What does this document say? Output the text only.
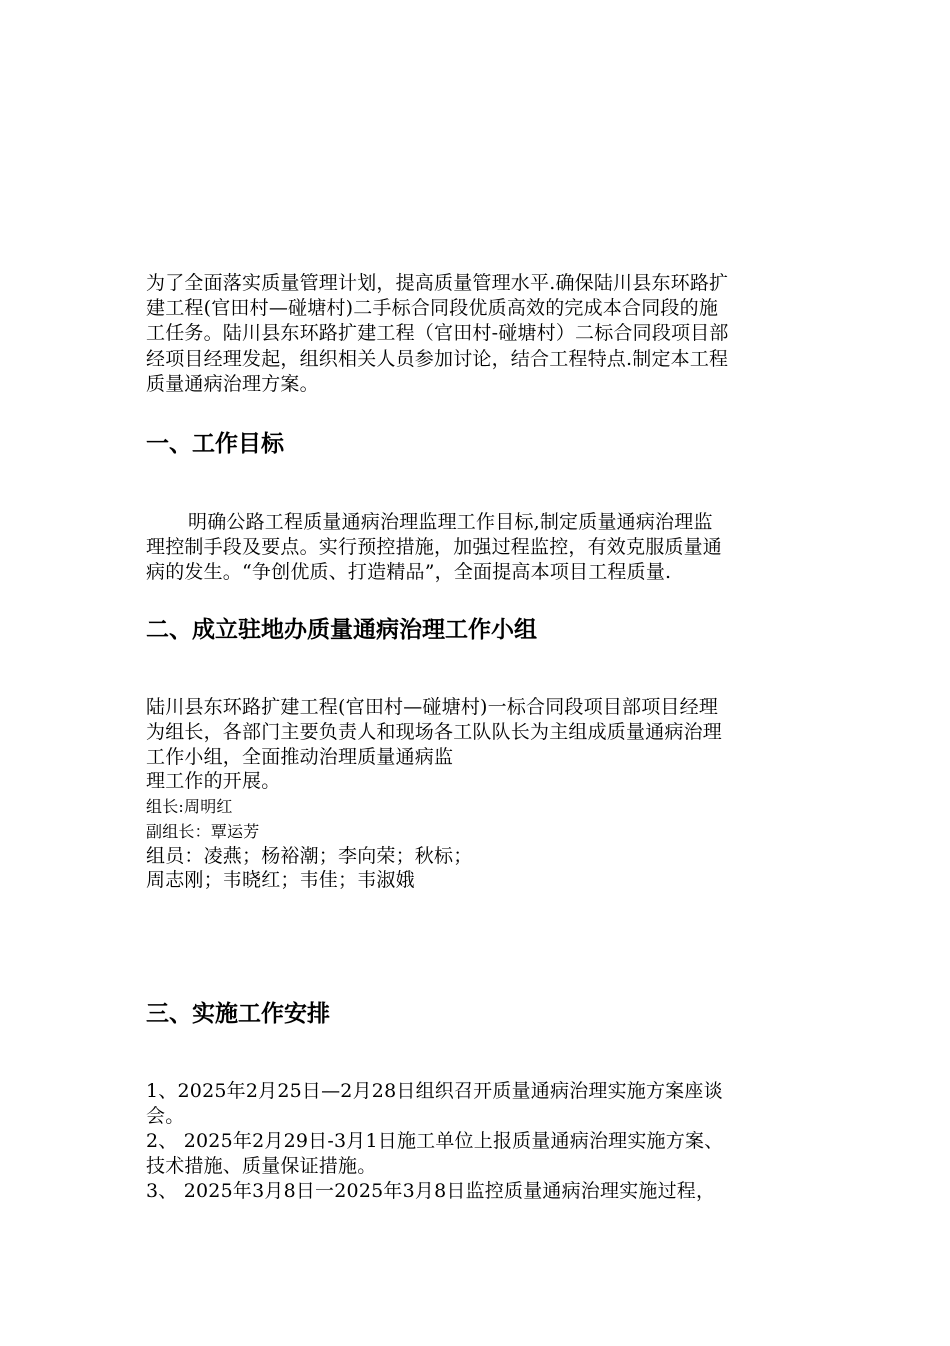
为了全面落实质量管理计划，提高质量管理水平.确保陆川县东环路扩
建工程(官田村—碰塘村)二手标合同段优质高效的完成本合同段的施
工任务。陆川县东环路扩建工程（官田村-碰塘村）二标合同段项目部
经项目经理发起，组织相关人员参加讨论，结合工程特点.制定本工程
质量通病治理方案。
一、工作目标
明确公路工程质量通病治理监理工作目标,制定质量通病治理监
理控制手段及要点。实行预控措施，加强过程监控，有效克服质量通
病的发生。“争创优质、打造精品”，全面提高本项目工程质量.
二、成立驻地办质量通病治理工作小组
陆川县东环路扩建工程(官田村—碰塘村)一标合同段项目部项目经理
为组长，各部门主要负责人和现场各工队队长为主组成质量通病治理
工作小组，全面推动治理质量通病监
理工作的开展。
组长:周明红
副组长：覃运芳
组员：凌燕；杨裕潮；李向荣；秋标；
周志刚；韦晓红；韦佳；韦淑娥
三、实施工作安排
1、2025年2月25日—2月28日组织召开质量通病治理实施方案座谈
会。
2、 2025年2月29日-3月1日施工单位上报质量通病治理实施方案、
技术措施、质量保证措施。
3、 2025年3月8日一2025年3月8日监控质量通病治理实施过程，
